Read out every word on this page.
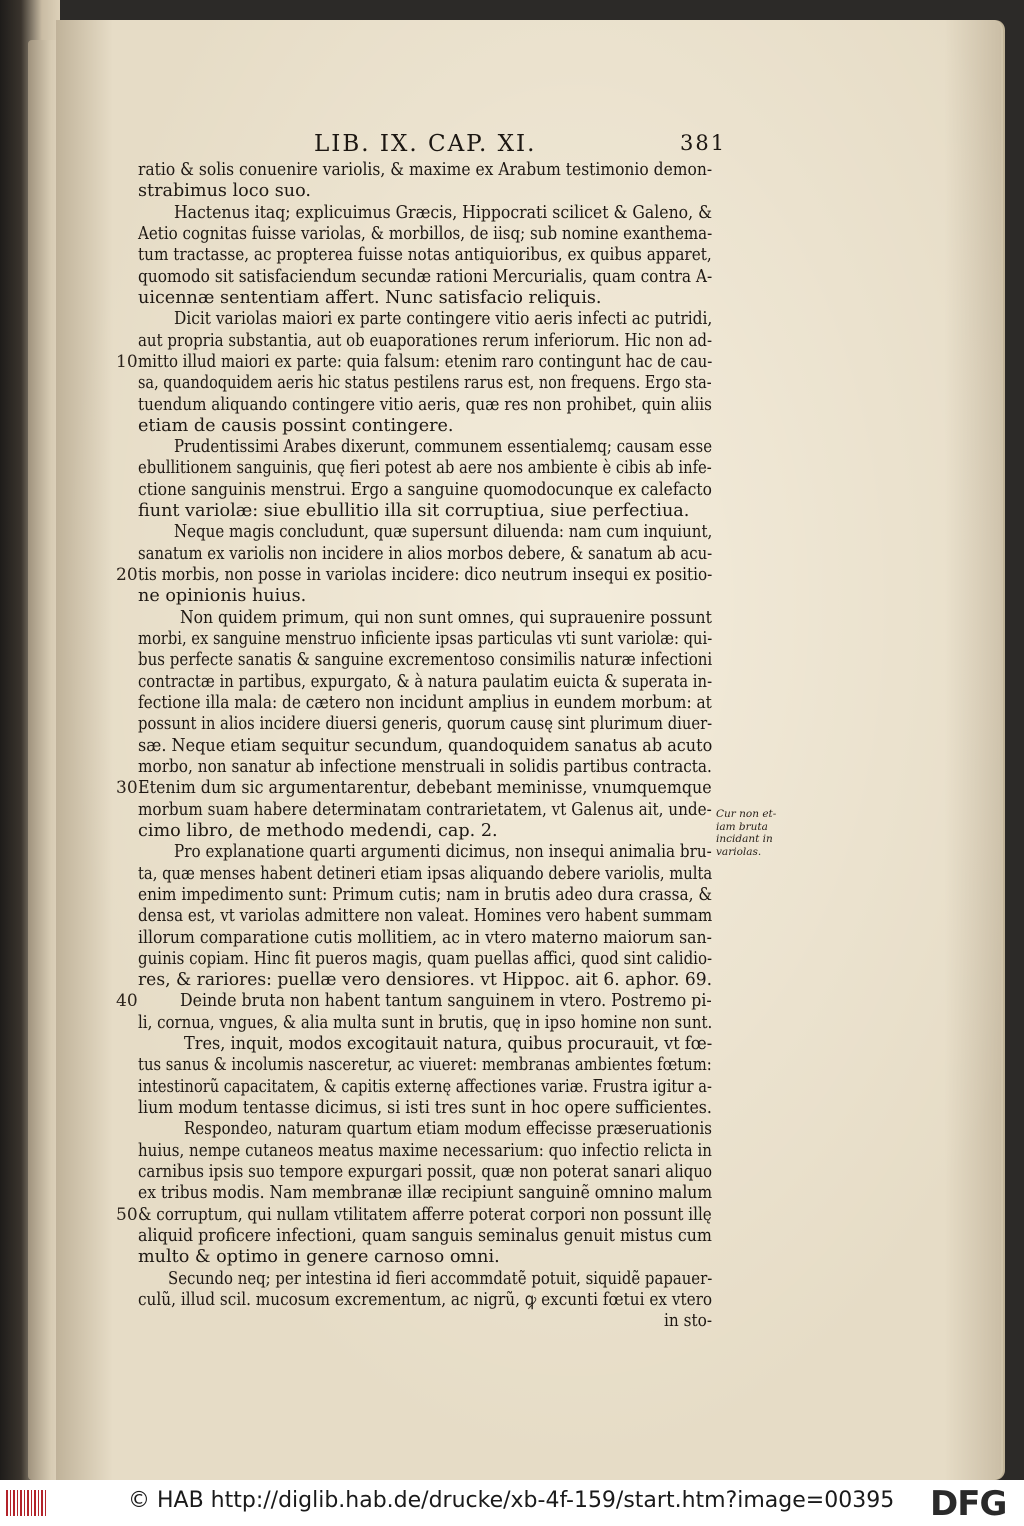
LIB. IX. CAP. XI.	381
ratio & solis conuenire variolis, & maxime ex Arabum testimonio demon-
strabimus loco suo.
Hactenus itaq; explicuimus Græcis, Hippocrati scilicet & Galeno, &
Aetio cognitas fuisse variolas, & morbillos, de iisq; sub nomine exanthema-
tum tractasse, ac propterea fuisse notas antiquioribus, ex quibus apparet,
quomodo sit satisfaciendum secundæ rationi Mercurialis, quam contra A-
uicennæ sententiam affert. Nunc satisfacio reliquis.
Dicit variolas maiori ex parte contingere vitio aeris infecti ac putridi,
aut propria substantia, aut ob euaporationes rerum inferiorum. Hic non ad-
10 mitto illud maiori ex parte: quia falsum: etenim raro contingunt hac de cau-
sa, quandoquidem aeris hic status pestilens rarus est, non frequens. Ergo sta-
tuendum aliquando contingere vitio aeris, quæ res non prohibet, quin aliis
etiam de causis possint contingere.
Prudentissimi Arabes dixerunt, communem essentialemq; causam esse
ebullitionem sanguinis, quę fieri potest ab aere nos ambiente è cibis ab infe-
ctione sanguinis menstrui. Ergo a sanguine quomodocunque ex calefacto
fiunt variolæ: siue ebullitio illa sit corruptiua, siue perfectiua.
Neque magis concludunt, quæ supersunt diluenda: nam cum inquiunt,
sanatum ex variolis non incidere in alios morbos debere, & sanatum ab acu-
20 tis morbis, non posse in variolas incidere: dico neutrum insequi ex positio-
ne opinionis huius.
Non quidem primum, qui non sunt omnes, qui suprauenire possunt
morbi, ex sanguine menstruo inficiente ipsas particulas vti sunt variolæ: qui-
bus perfecte sanatis & sanguine excrementoso consimilis naturæ infectioni
contractæ in partibus, expurgato, & à natura paulatim euicta & superata in-
fectione illa mala: de cætero non incidunt amplius in eundem morbum: at
possunt in alios incidere diuersi generis, quorum causę sint plurimum diuer-
sæ. Neque etiam sequitur secundum, quandoquidem sanatus ab acuto
morbo, non sanatur ab infectione menstruali in solidis partibus contracta.
30 Etenim dum sic argumentarentur, debebant meminisse, vnumquemque
morbum suam habere determinatam contrarietatem, vt Galenus ait, unde-
cimo libro, de methodo medendi, cap. 2.
Pro explanatione quarti argumenti dicimus, non insequi animalia bru-
ta, quæ menses habent detineri etiam ipsas aliquando debere variolis, multa
enim impedimento sunt: Primum cutis; nam in brutis adeo dura crassa, &
densa est, vt variolas admittere non valeat. Homines vero habent summam
illorum comparatione cutis mollitiem, ac in vtero materno maiorum san-
guinis copiam. Hinc fit pueros magis, quam puellas affici, quod sint calidio-
res, & rariores: puellæ vero densiores. vt Hippoc. ait 6. aphor. 69.
40 Deinde bruta non habent tantum sanguinem in vtero. Postremo pi-
li, cornua, vngues, & alia multa sunt in brutis, quę in ipso homine non sunt.
Tres, inquit, modos excogitauit natura, quibus procurauit, vt fœ-
tus sanus & incolumis nasceretur, ac viueret: membranas ambientes fœtum:
intestinorũ capacitatem, & capitis externę affectiones variæ. Frustra igitur a-
lium modum tentasse dicimus, si isti tres sunt in hoc opere sufficientes.
Respondeo, naturam quartum etiam modum effecisse præseruationis
huius, nempe cutaneos meatus maxime necessarium: quo infectio relicta in
carnibus ipsis suo tempore expurgari possit, quæ non poterat sanari aliquo
ex tribus modis. Nam membranæ illæ recipiunt sanguinẽ omnino malum
50 & corruptum, qui nullam vtilitatem afferre poterat corpori non possunt illę
aliquid proficere infectioni, quam sanguis seminalus genuit mistus cum
multo & optimo in genere carnoso omni.
Secundo neq; per intestina id fieri accommdatẽ potuit, siquidẽ papauer-
culũ, illud scil. mucosum excrementum, ac nigrũ, ꝙ excunti fœtui ex vtero
in sto-
Cur non et-
iam bruta
incidant in
variolas.
© HAB http://diglib.hab.de/drucke/xb-4f-159/start.htm?image=00395 DFG
